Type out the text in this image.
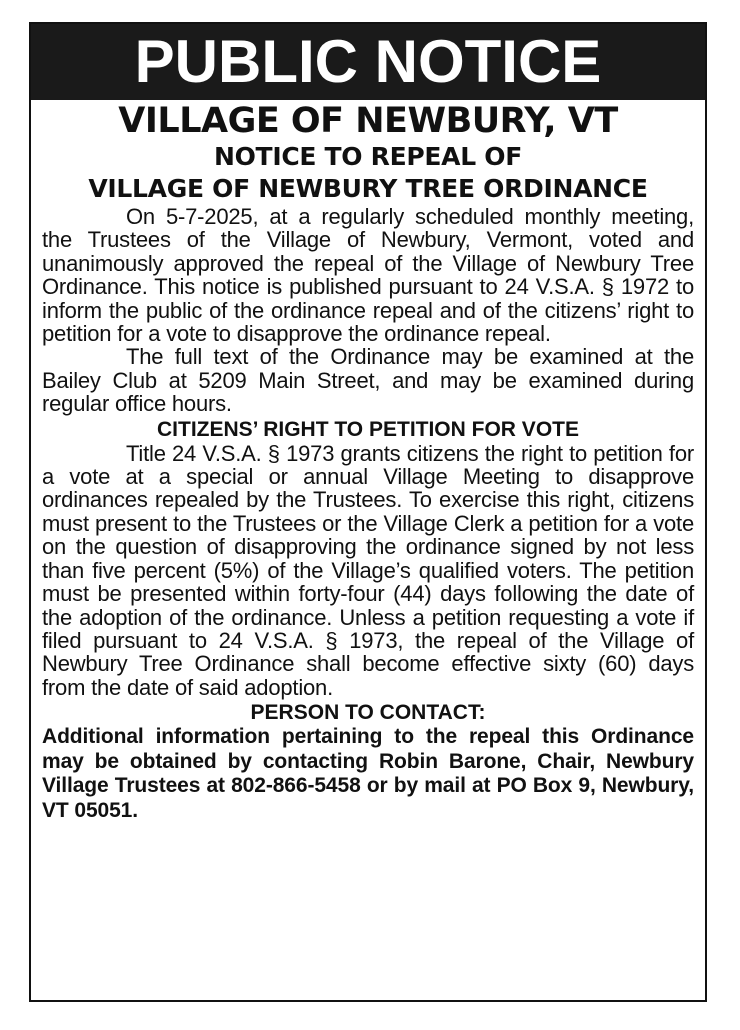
PUBLIC NOTICE
VILLAGE OF NEWBURY, VT
NOTICE TO REPEAL OF
VILLAGE OF NEWBURY TREE ORDINANCE

On 5-7-2025, at a regularly scheduled monthly meeting, the Trustees of the Village of Newbury, Vermont, voted and unanimously approved the repeal of the Village of Newbury Tree Ordinance. This notice is published pursuant to 24 V.S.A. § 1972 to inform the public of the ordinance repeal and of the citizens’ right to petition for a vote to disapprove the ordinance repeal.

The full text of the Ordinance may be examined at the Bailey Club at 5209 Main Street, and may be examined during regular office hours.

CITIZENS’ RIGHT TO PETITION FOR VOTE

Title 24 V.S.A. § 1973 grants citizens the right to petition for a vote at a special or annual Village Meeting to disapprove ordinances repealed by the Trustees. To exercise this right, citizens must present to the Trustees or the Village Clerk a petition for a vote on the question of disapproving the ordinance signed by not less than five percent (5%) of the Village’s qualified voters. The petition must be presented within forty-four (44) days following the date of the adoption of the ordinance. Unless a petition requesting a vote if filed pursuant to 24 V.S.A. § 1973, the repeal of the Village of Newbury Tree Ordinance shall become effective sixty (60) days from the date of said adoption.

PERSON TO CONTACT:

Additional information pertaining to the repeal this Ordinance may be obtained by contacting Robin Barone, Chair, Newbury Village Trustees at 802-866-5458 or by mail at PO Box 9, Newbury, VT 05051.
